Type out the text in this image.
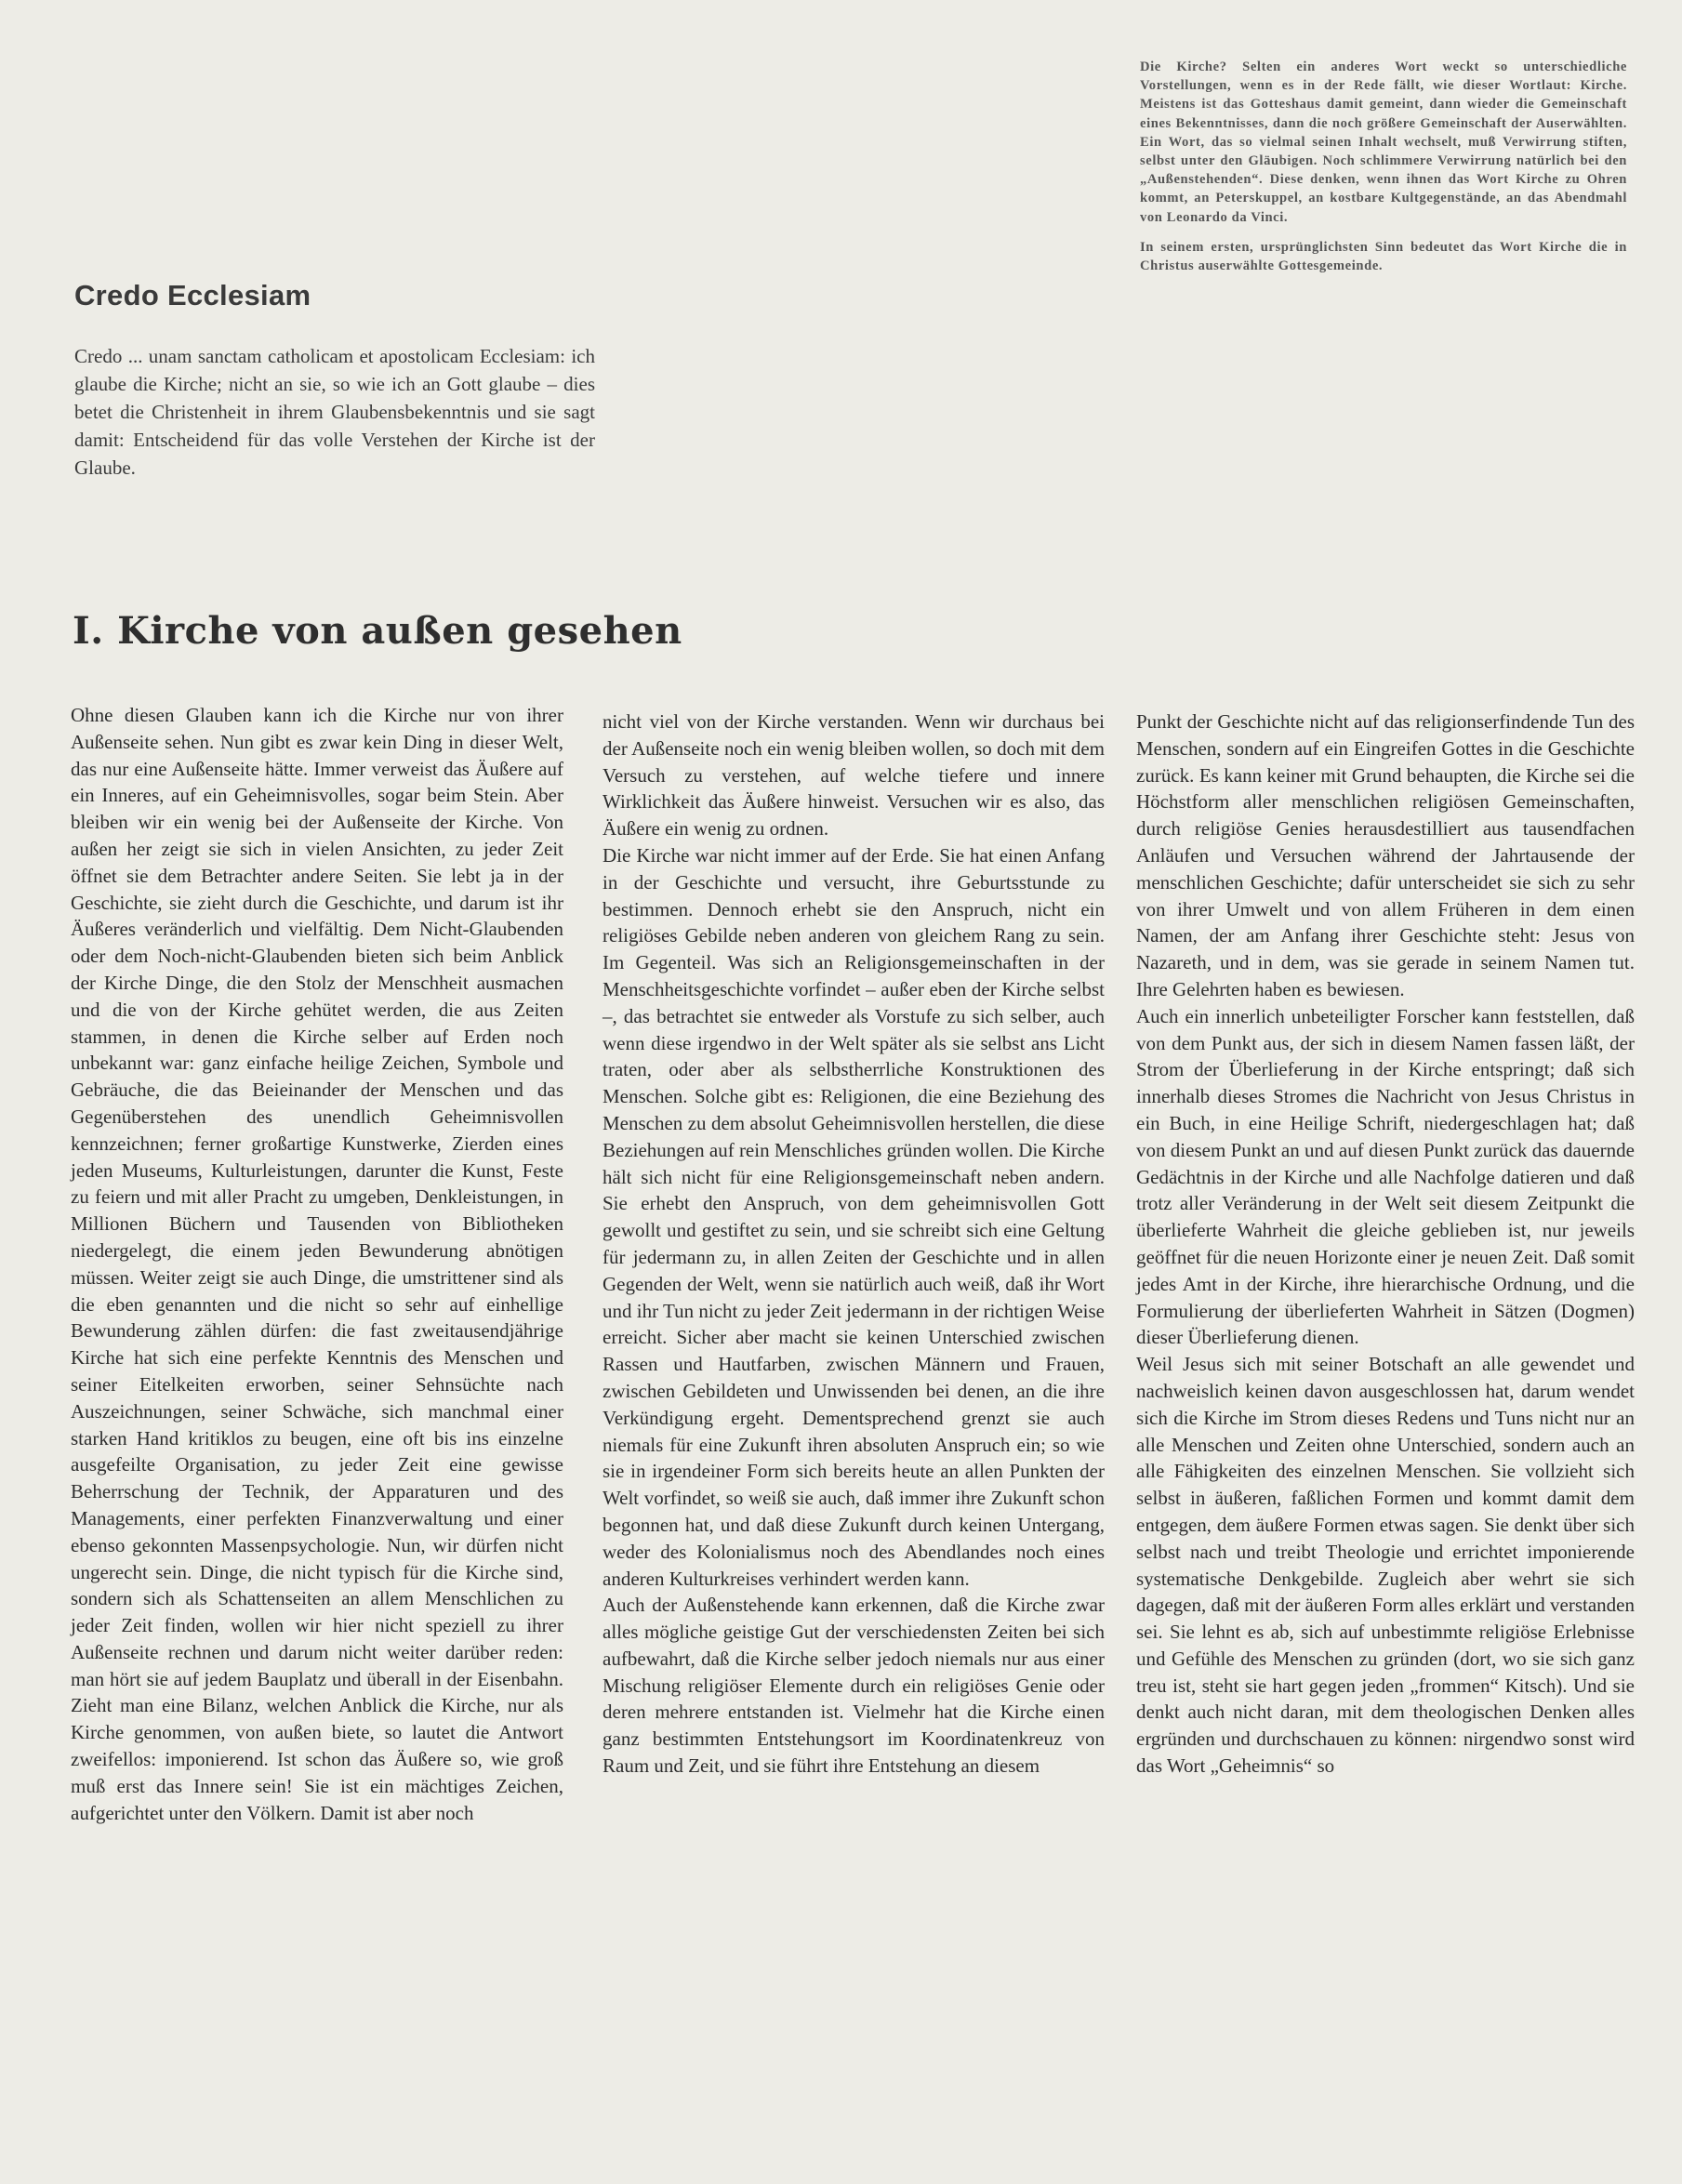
Die Kirche? Selten ein anderes Wort weckt so unterschiedliche Vorstellungen, wenn es in der Rede fällt, wie dieser Wortlaut: Kirche. Meistens ist das Gotteshaus damit gemeint, dann wieder die Gemeinschaft eines Bekenntnisses, dann die noch größere Gemeinschaft der Auserwählten. Ein Wort, das so vielmal seinen Inhalt wechselt, muß Verwirrung stiften, selbst unter den Gläubigen. Noch schlimmere Verwirrung natürlich bei den „Außenstehenden“. Diese denken, wenn ihnen das Wort Kirche zu Ohren kommt, an Peterskuppel, an kostbare Kultgegenstände, an das Abendmahl von Leonardo da Vinci.

In seinem ersten, ursprünglichsten Sinn bedeutet das Wort Kirche die in Christus auserwählte Gottesgemeinde.

Credo Ecclesiam

Credo ... unam sanctam catholicam et apostolicam Ecclesiam: ich glaube die Kirche; nicht an sie, so wie ich an Gott glaube – dies betet die Christenheit in ihrem Glaubensbekenntnis und sie sagt damit: Entscheidend für das volle Verstehen der Kirche ist der Glaube.

I. Kirche von außen gesehen

Ohne diesen Glauben kann ich die Kirche nur von ihrer Außenseite sehen. Nun gibt es zwar kein Ding in dieser Welt, das nur eine Außenseite hätte. Immer verweist das Äußere auf ein Inneres, auf ein Geheimnisvolles, sogar beim Stein. Aber bleiben wir ein wenig bei der Außenseite der Kirche. Von außen her zeigt sie sich in vielen Ansichten, zu jeder Zeit öffnet sie dem Betrachter andere Seiten. Sie lebt ja in der Geschichte, sie zieht durch die Geschichte, und darum ist ihr Äußeres veränderlich und vielfältig. Dem Nicht-Glaubenden oder dem Noch-nicht-Glaubenden bieten sich beim Anblick der Kirche Dinge, die den Stolz der Menschheit ausmachen und die von der Kirche gehütet werden, die aus Zeiten stammen, in denen die Kirche selber auf Erden noch unbekannt war: ganz einfache heilige Zeichen, Symbole und Gebräuche, die das Beieinander der Menschen und das Gegenüberstehen des unendlich Geheimnisvollen kennzeichnen; ferner großartige Kunstwerke, Zierden eines jeden Museums, Kulturleistungen, darunter die Kunst, Feste zu feiern und mit aller Pracht zu umgeben, Denkleistungen, in Millionen Büchern und Tausenden von Bibliotheken niedergelegt, die einem jeden Bewunderung abnötigen müssen. Weiter zeigt sie auch Dinge, die umstrittener sind als die eben genannten und die nicht so sehr auf einhellige Bewunderung zählen dürfen: die fast zweitausendjährige Kirche hat sich eine perfekte Kenntnis des Menschen und seiner Eitelkeiten erworben, seiner Sehnsüchte nach Auszeichnungen, seiner Schwäche, sich manchmal einer starken Hand kritiklos zu beugen, eine oft bis ins einzelne ausgefeilte Organisation, zu jeder Zeit eine gewisse Beherrschung der Technik, der Apparaturen und des Managements, einer perfekten Finanzverwaltung und einer ebenso gekonnten Massenpsychologie. Nun, wir dürfen nicht ungerecht sein. Dinge, die nicht typisch für die Kirche sind, sondern sich als Schattenseiten an allem Menschlichen zu jeder Zeit finden, wollen wir hier nicht speziell zu ihrer Außenseite rechnen und darum nicht weiter darüber reden: man hört sie auf jedem Bauplatz und überall in der Eisenbahn. Zieht man eine Bilanz, welchen Anblick die Kirche, nur als Kirche genommen, von außen biete, so lautet die Antwort zweifellos: imponierend. Ist schon das Äußere so, wie groß muß erst das Innere sein! Sie ist ein mächtiges Zeichen, aufgerichtet unter den Völkern. Damit ist aber noch

nicht viel von der Kirche verstanden. Wenn wir durchaus bei der Außenseite noch ein wenig bleiben wollen, so doch mit dem Versuch zu verstehen, auf welche tiefere und innere Wirklichkeit das Äußere hinweist. Versuchen wir es also, das Äußere ein wenig zu ordnen.

Die Kirche war nicht immer auf der Erde. Sie hat einen Anfang in der Geschichte und versucht, ihre Geburtsstunde zu bestimmen. Dennoch erhebt sie den Anspruch, nicht ein religiöses Gebilde neben anderen von gleichem Rang zu sein. Im Gegenteil. Was sich an Religionsgemeinschaften in der Menschheitsgeschichte vorfindet – außer eben der Kirche selbst –, das betrachtet sie entweder als Vorstufe zu sich selber, auch wenn diese irgendwo in der Welt später als sie selbst ans Licht traten, oder aber als selbstherrliche Konstruktionen des Menschen. Solche gibt es: Religionen, die eine Beziehung des Menschen zu dem absolut Geheimnisvollen herstellen, die diese Beziehungen auf rein Menschliches gründen wollen. Die Kirche hält sich nicht für eine Religionsgemeinschaft neben andern. Sie erhebt den Anspruch, von dem geheimnisvollen Gott gewollt und gestiftet zu sein, und sie schreibt sich eine Geltung für jedermann zu, in allen Zeiten der Geschichte und in allen Gegenden der Welt, wenn sie natürlich auch weiß, daß ihr Wort und ihr Tun nicht zu jeder Zeit jedermann in der richtigen Weise erreicht. Sicher aber macht sie keinen Unterschied zwischen Rassen und Hautfarben, zwischen Männern und Frauen, zwischen Gebildeten und Unwissenden bei denen, an die ihre Verkündigung ergeht. Dementsprechend grenzt sie auch niemals für eine Zukunft ihren absoluten Anspruch ein; so wie sie in irgendeiner Form sich bereits heute an allen Punkten der Welt vorfindet, so weiß sie auch, daß immer ihre Zukunft schon begonnen hat, und daß diese Zukunft durch keinen Untergang, weder des Kolonialismus noch des Abendlandes noch eines anderen Kulturkreises verhindert werden kann.

Auch der Außenstehende kann erkennen, daß die Kirche zwar alles mögliche geistige Gut der verschiedensten Zeiten bei sich aufbewahrt, daß die Kirche selber jedoch niemals nur aus einer Mischung religiöser Elemente durch ein religiöses Genie oder deren mehrere entstanden ist. Vielmehr hat die Kirche einen ganz bestimmten Entstehungsort im Koordinatenkreuz von Raum und Zeit, und sie führt ihre Entstehung an diesem

Punkt der Geschichte nicht auf das religionserfindende Tun des Menschen, sondern auf ein Eingreifen Gottes in die Geschichte zurück. Es kann keiner mit Grund behaupten, die Kirche sei die Höchstform aller menschlichen religiösen Gemeinschaften, durch religiöse Genies herausdestilliert aus tausendfachen Anläufen und Versuchen während der Jahrtausende der menschlichen Geschichte; dafür unterscheidet sie sich zu sehr von ihrer Umwelt und von allem Früheren in dem einen Namen, der am Anfang ihrer Geschichte steht: Jesus von Nazareth, und in dem, was sie gerade in seinem Namen tut. Ihre Gelehrten haben es bewiesen.

Auch ein innerlich unbeteiligter Forscher kann feststellen, daß von dem Punkt aus, der sich in diesem Namen fassen läßt, der Strom der Überlieferung in der Kirche entspringt; daß sich innerhalb dieses Stromes die Nachricht von Jesus Christus in ein Buch, in eine Heilige Schrift, niedergeschlagen hat; daß von diesem Punkt an und auf diesen Punkt zurück das dauernde Gedächtnis in der Kirche und alle Nachfolge datieren und daß trotz aller Veränderung in der Welt seit diesem Zeitpunkt die überlieferte Wahrheit die gleiche geblieben ist, nur jeweils geöffnet für die neuen Horizonte einer je neuen Zeit. Daß somit jedes Amt in der Kirche, ihre hierarchische Ordnung, und die Formulierung der überlieferten Wahrheit in Sätzen (Dogmen) dieser Überlieferung dienen.

Weil Jesus sich mit seiner Botschaft an alle gewendet und nachweislich keinen davon ausgeschlossen hat, darum wendet sich die Kirche im Strom dieses Redens und Tuns nicht nur an alle Menschen und Zeiten ohne Unterschied, sondern auch an alle Fähigkeiten des einzelnen Menschen. Sie vollzieht sich selbst in äußeren, faßlichen Formen und kommt damit dem entgegen, dem äußere Formen etwas sagen. Sie denkt über sich selbst nach und treibt Theologie und errichtet imponierende systematische Denkgebilde. Zugleich aber wehrt sie sich dagegen, daß mit der äußeren Form alles erklärt und verstanden sei. Sie lehnt es ab, sich auf unbestimmte religiöse Erlebnisse und Gefühle des Menschen zu gründen (dort, wo sie sich ganz treu ist, steht sie hart gegen jeden „frommen“ Kitsch). Und sie denkt auch nicht daran, mit dem theologischen Denken alles ergründen und durchschauen zu können: nirgendwo sonst wird das Wort „Geheimnis“ so
